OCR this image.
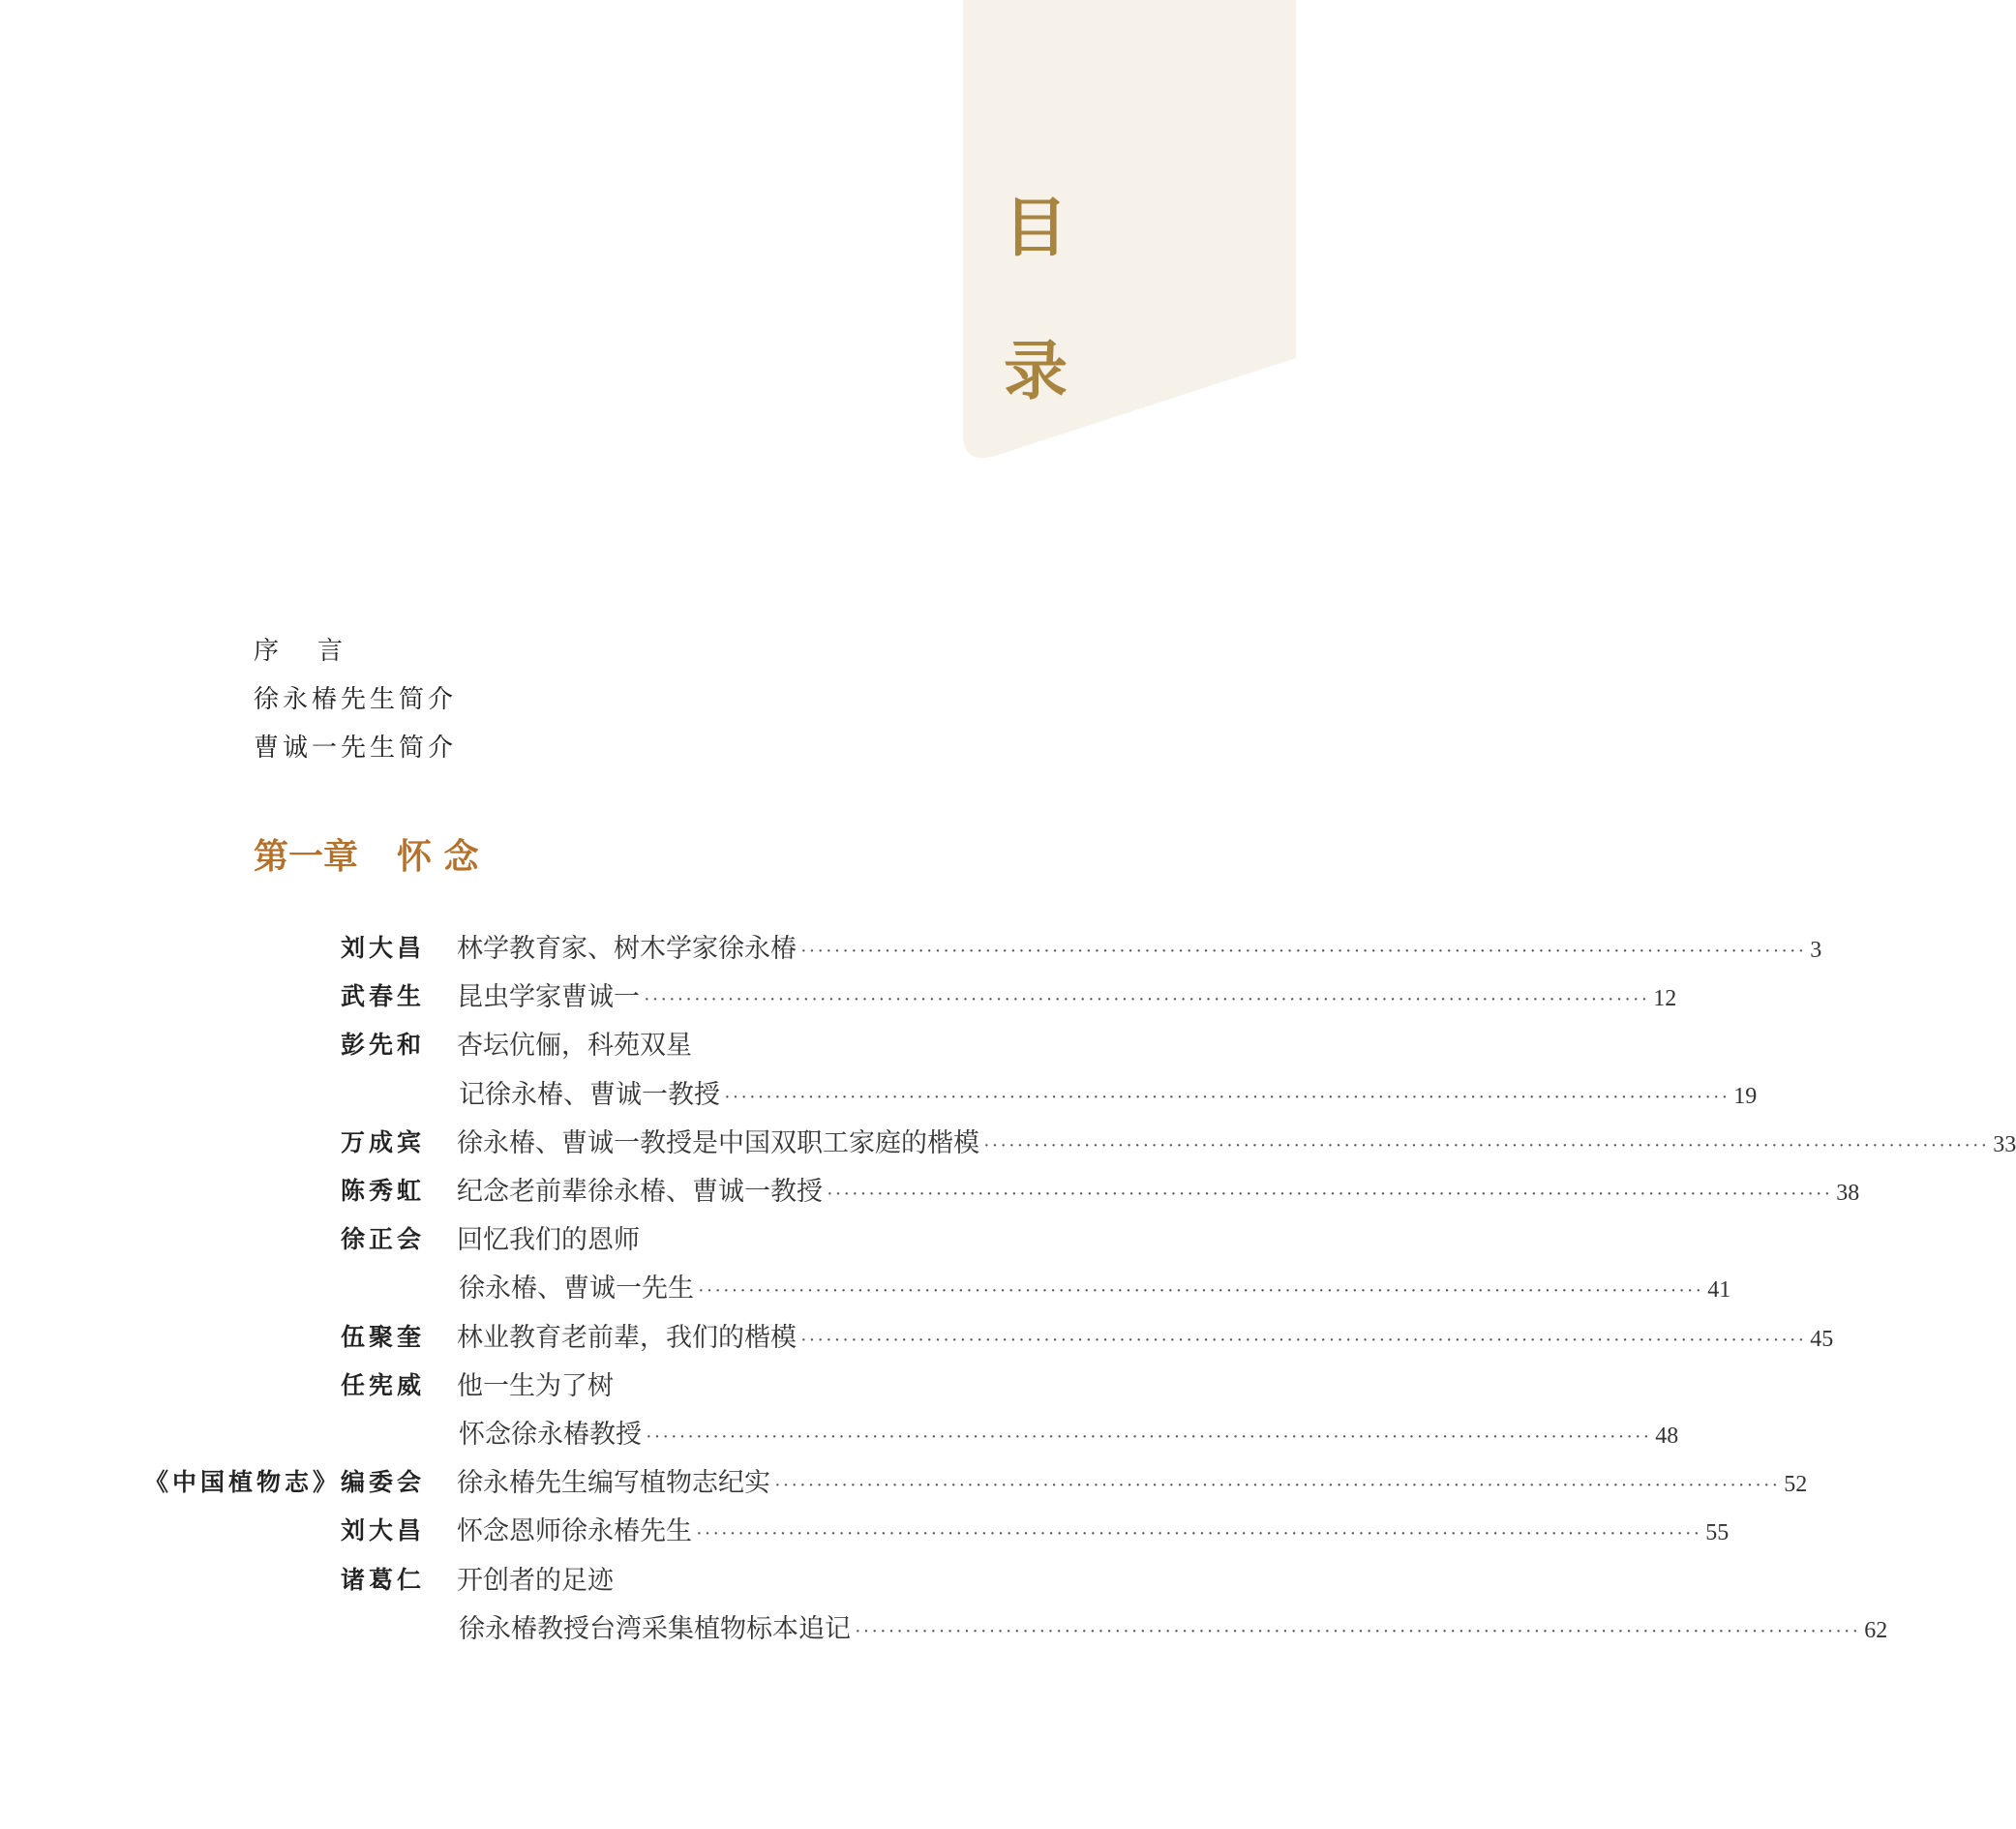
目
录
序 言
徐永椿先生简介
曹诚一先生简介
第一章 怀 念
刘大昌 林学教育家、树木学家徐永椿 ························································································································ 3
武春生 昆虫学家曹诚一 ························································································································ 12
彭先和 杏坛伉俪，科苑双星
记徐永椿、曹诚一教授 ························································································································ 19
万成宾 徐永椿、曹诚一教授是中国双职工家庭的楷模 ························································································································ 33
陈秀虹 纪念老前辈徐永椿、曹诚一教授 ························································································································ 38
徐正会 回忆我们的恩师
徐永椿、曹诚一先生 ························································································································ 41
伍聚奎 林业教育老前辈，我们的楷模 ························································································································ 45
任宪威 他一生为了树
怀念徐永椿教授 ························································································································ 48
《中国植物志》编委会 徐永椿先生编写植物志纪实 ························································································································ 52
刘大昌 怀念恩师徐永椿先生 ························································································································ 55
诸葛仁 开创者的足迹
徐永椿教授台湾采集植物标本追记 ························································································································ 62
